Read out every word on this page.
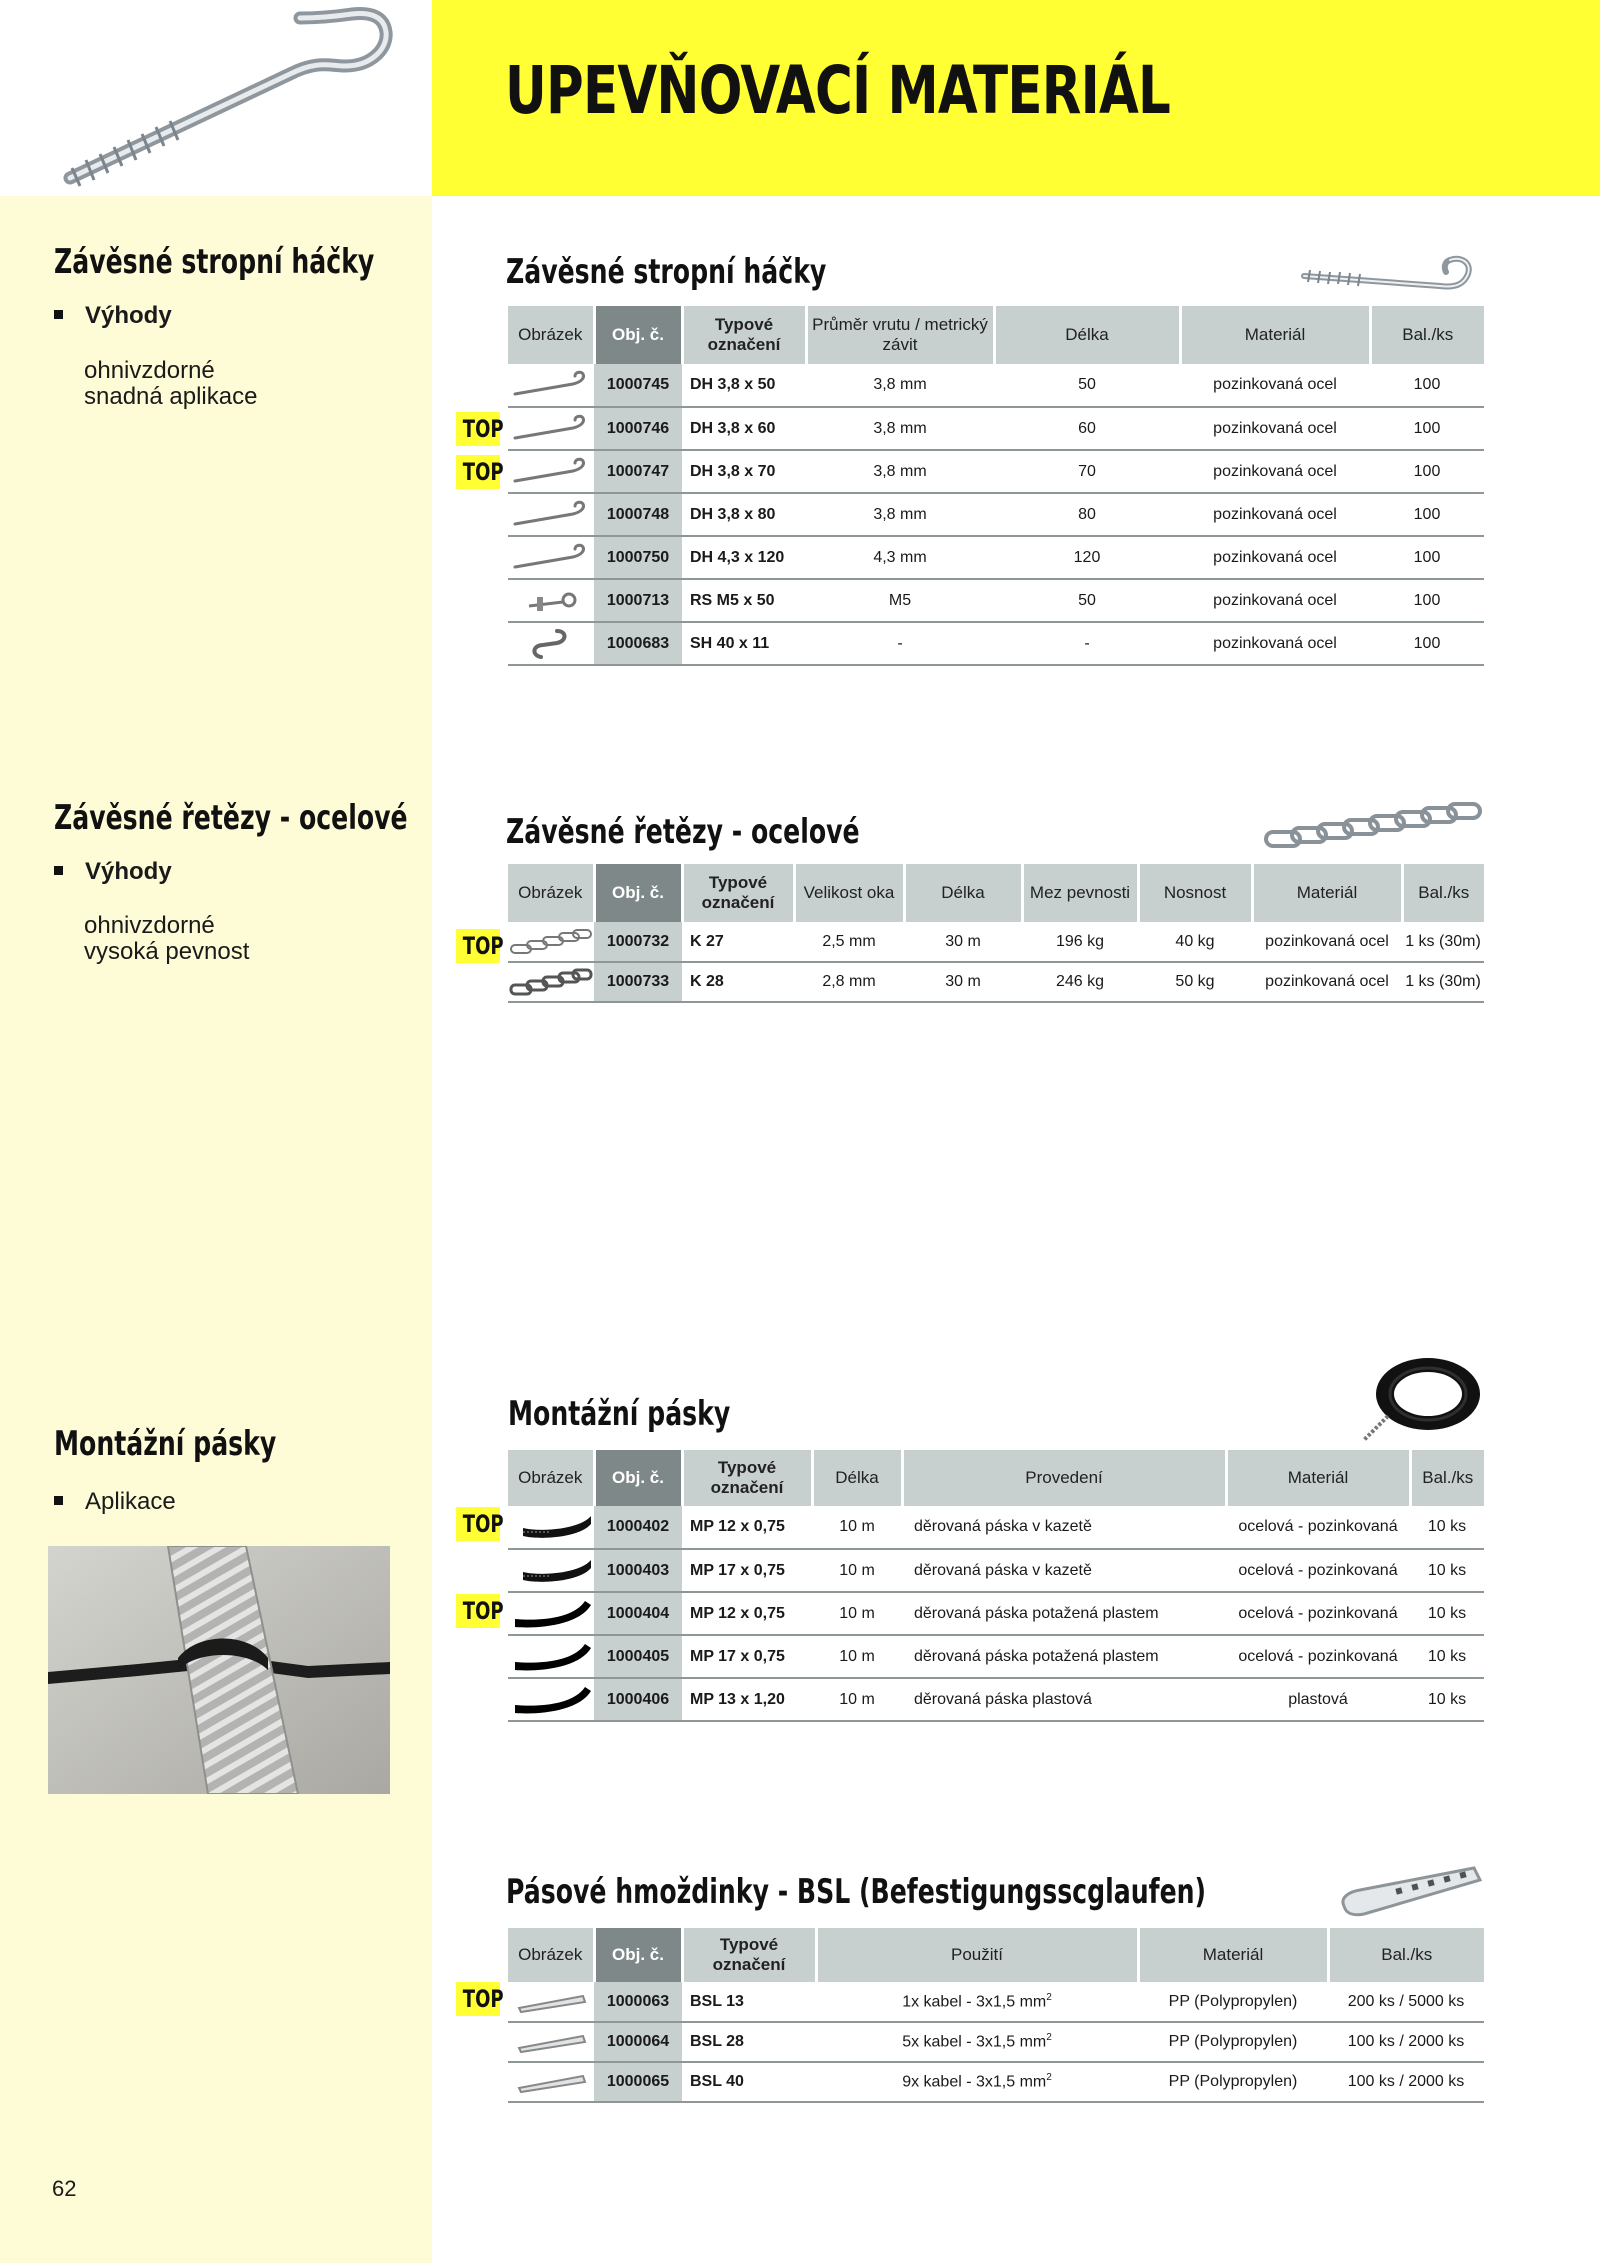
UPEVŇOVACÍ MATERIÁL
Závěsné stropní háčky
Výhody
ohnivzdorné
snadná aplikace
Závěsné stropní háčky
TOP
TOP
Obrázek	Obj. č.	Typové označení	Průměr vrutu / metrický závit	Délka	Materiál	Bal./ks

	1000745	DH 3,8 x 50	3,8 mm	50	pozinkovaná ocel	100

	1000746	DH 3,8 x 60	3,8 mm	60	pozinkovaná ocel	100

	1000747	DH 3,8 x 70	3,8 mm	70	pozinkovaná ocel	100

	1000748	DH 3,8 x 80	3,8 mm	80	pozinkovaná ocel	100

	1000750	DH 4,3 x 120	4,3 mm	120	pozinkovaná ocel	100

	1000713	RS M5 x 50	M5	50	pozinkovaná ocel	100

	1000683	SH 40 x 11	-	-	pozinkovaná ocel	100
Závěsné řetězy - ocelové
Výhody
ohnivzdorné
vysoká pevnost
Závěsné řetězy - ocelové
TOP
Obrázek	Obj. č.	Typové označení	Velikost oka	Délka	Mez pevnosti	Nosnost	Materiál	Bal./ks

	1000732	K 27	2,5 mm	30 m	196 kg	40 kg	pozinkovaná ocel	1 ks (30m)

	1000733	K 28	2,8 mm	30 m	246 kg	50 kg	pozinkovaná ocel	1 ks (30m)
Montážní pásky
Aplikace
Montážní pásky
TOP
TOP
Obrázek	Obj. č.	Typové označení	Délka	Provedení	Materiál	Bal./ks

	1000402	MP 12 x 0,75	10 m	děrovaná páska v kazetě	ocelová - pozinkovaná	10 ks

	1000403	MP 17 x 0,75	10 m	děrovaná páska v kazetě	ocelová - pozinkovaná	10 ks

	1000404	MP 12 x 0,75	10 m	děrovaná páska potažená plastem	ocelová - pozinkovaná	10 ks

	1000405	MP 17 x 0,75	10 m	děrovaná páska potažená plastem	ocelová - pozinkovaná	10 ks

	1000406	MP 13 x 1,20	10 m	děrovaná páska plastová	plastová	10 ks
Pásové hmoždinky - BSL (Befestigungsscglaufen)
TOP
Obrázek	Obj. č.	Typové označení	Použití	Materiál	Bal./ks

	1000063	BSL 13	1x kabel - 3x1,5 $mm^2$	PP (Polypropylen)	200 ks / 5000 ks

	1000064	BSL 28	5x kabel - 3x1,5 $mm^2$	PP (Polypropylen)	100 ks / 2000 ks

	1000065	BSL 40	9x kabel - 3x1,5 $mm^2$	PP (Polypropylen)	100 ks / 2000 ks
62
